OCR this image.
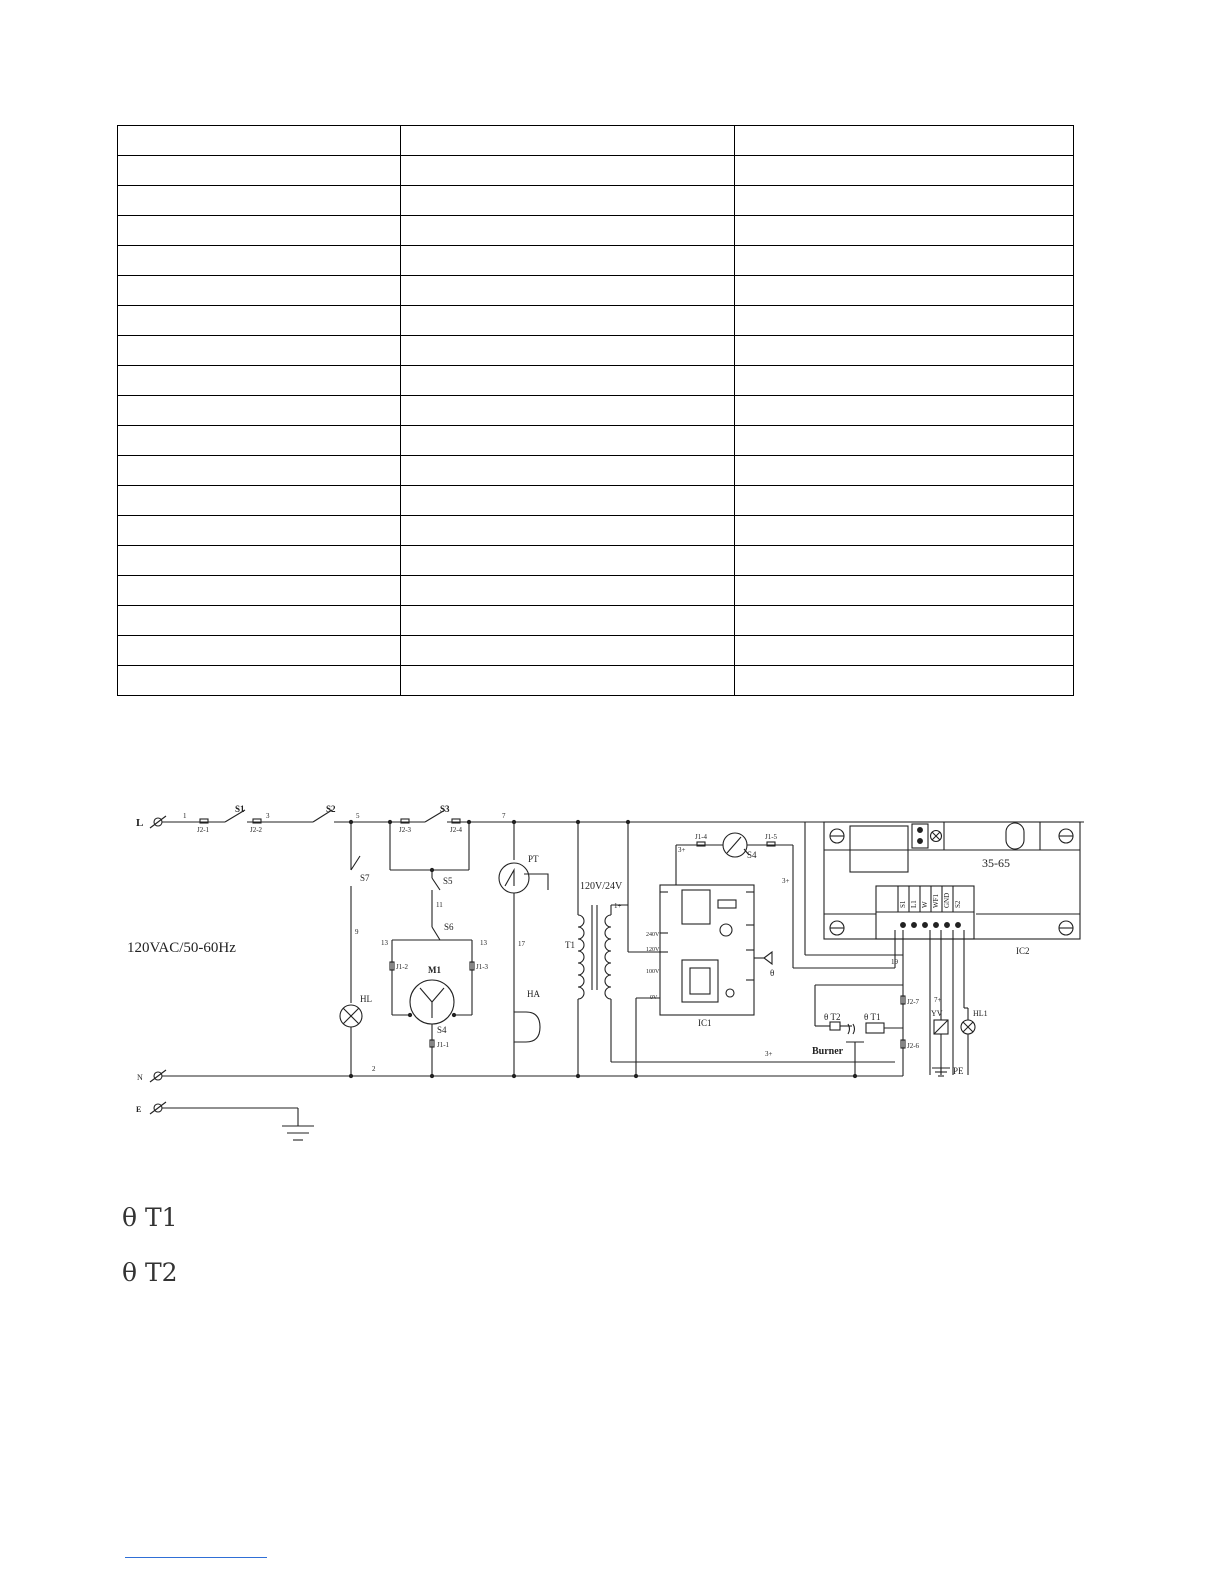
L
1
J2-1
S1
J2-2
3
S2
5
J2-3
S3
J2-4
7
120VAC/50-60Hz
S7
9
HL
S5
11
S6
13	13
J1-2	J1-3
M1
S4
J1-1
PT
17
HA
T1
120V/24V
1+
3+
IC1
240V
120V
100V
0V
θ
3+
J1-4
S4
J1-5
3+
35-65
S1 L1 W WF1 GND S2
IC2
19
J2-7
J2-6
θ T2	θ T1
Burner
7+
YV	HL1
PE
N
2
E
θ T1
θ T2
